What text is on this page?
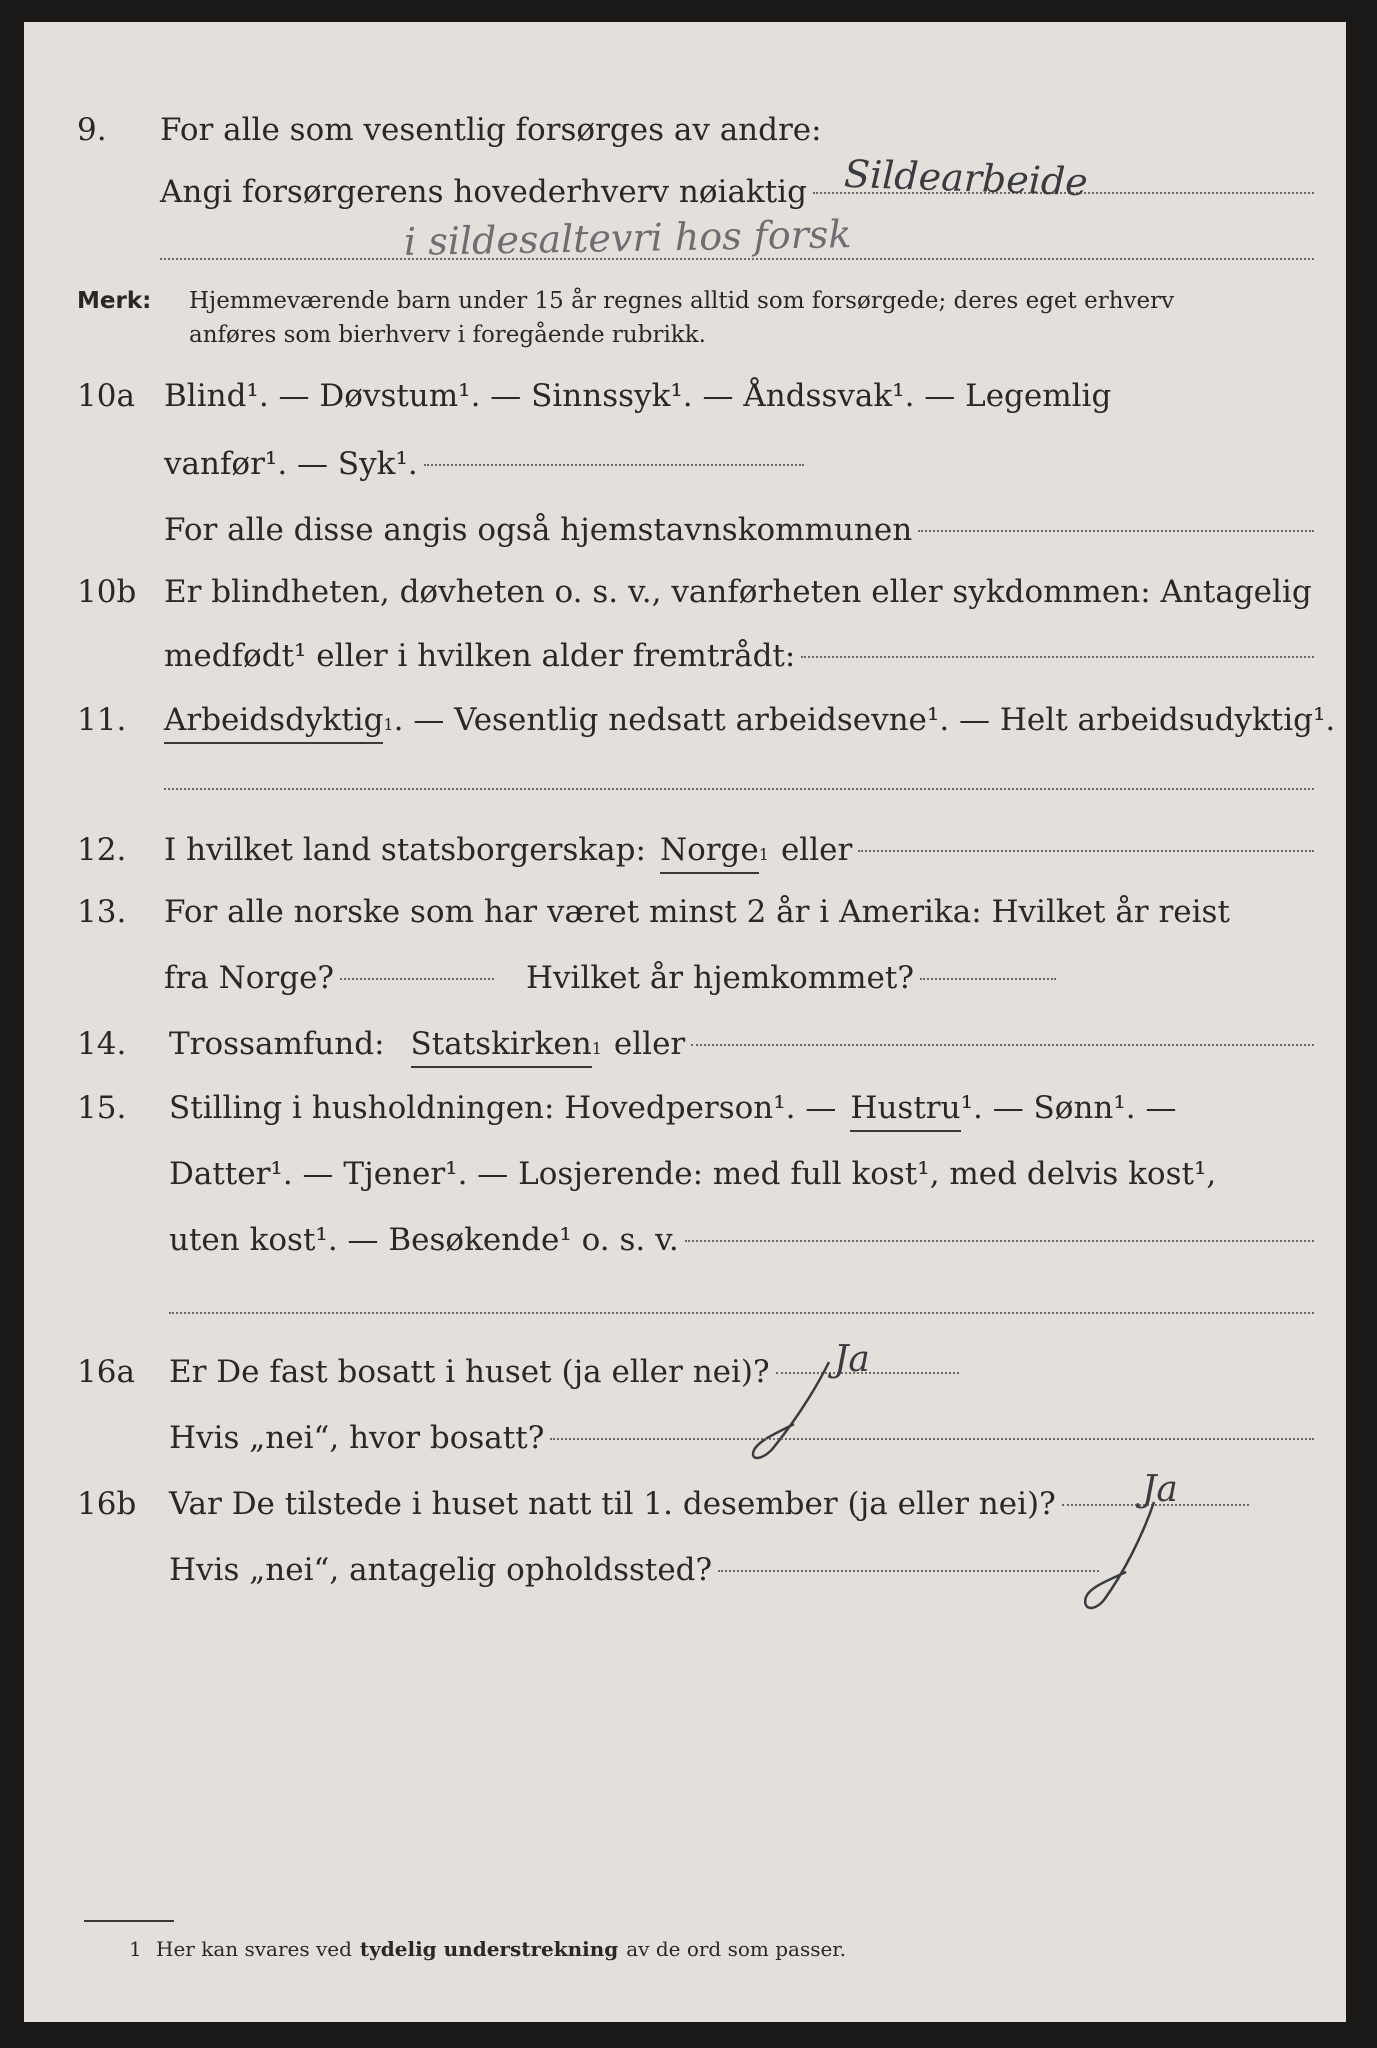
9. For alle som vesentlig forsørges av andre:
Angi forsørgerens hovederhverv nøiaktig Sildearbeide
i sildesaltevri hos forsk
Merk: Hjemmeværende barn under 15 år regnes alltid som forsørgede; deres eget erhverv
anføres som bierhverv i foregående rubrikk.
10a Blind¹. — Døvstum¹. — Sinnssyk¹. — Åndssvak¹. — Legemlig
vanfør¹. — Syk¹.
For alle disse angis også hjemstavnskommunen
10b Er blindheten, døvheten o. s. v., vanførheten eller sykdommen: Antagelig
medfødt¹ eller i hvilken alder fremtrådt:
11. Arbeidsdyktig 1 . — Vesentlig nedsatt arbeidsevne¹. — Helt arbeidsudyktig¹.
12. I hvilket land statsborgerskap: Norge 1 eller
13. For alle norske som har været minst 2 år i Amerika: Hvilket år reist
fra Norge?	Hvilket år hjemkommet?
14. Trossamfund: Statskirken 1 eller
15. Stilling i husholdningen: Hovedperson¹. — Hustru ¹. — Sønn¹. —
Datter¹. — Tjener¹. — Losjerende: med full kost¹, med delvis kost¹,
uten kost¹. — Besøkende¹ o. s. v.
16a Er De fast bosatt i huset (ja eller nei)? Ja
Hvis „nei“, hvor bosatt?
16b Var De tilstede i huset natt til 1. desember (ja eller nei)? Ja
Hvis „nei“, antagelig opholdssted?
1 Her kan svares ved tydelig understrekning av de ord som passer.
